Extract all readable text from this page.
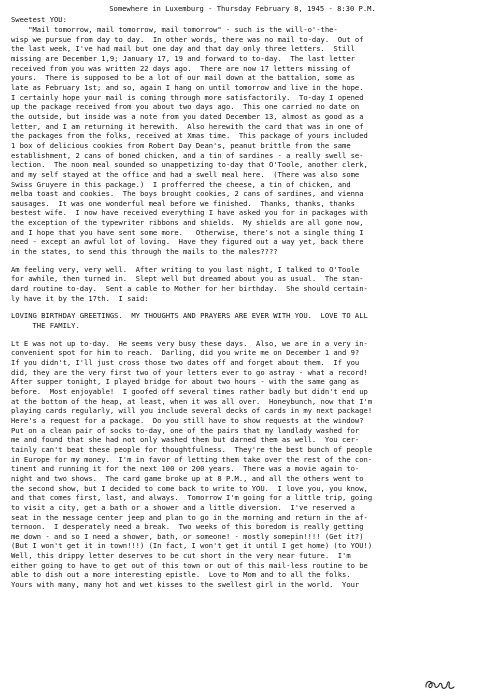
Somewhere in Luxemburg - Thursday February 8, 1945 - 8:30 P.M.
Sweetest YOU:

"Mail tomorrow, mail tomorrow, mail tomorrow" - such is the will-o'-the-

wisp we pursue from day to day.  In other words, there was no mail to-day.  Out of

the last week, I've had mail but one day and that day only three letters.  Still

missing are December 1,9; January 17, 19 and forward to to-day.  The last letter

received from you was written 22 days ago.  There are now 17 letters missing of

yours.  There is supposed to be a lot of our mail down at the battalion, some as

late as February 1st; and so, again I hang on until tomorrow and live in the hope.

I certainly hope your mail is coming through more satisfactorily.  To-day I opened

up the package received from you about two days ago.  This one carried no date on

the outside, but inside was a note from you dated December 13, almost as good as a

letter, and I am returning it herewith.  Also herewith the card that was in one of

the packages from the folks, received at Xmas time.  This package of yours included

1 box of delicious cookies from Robert Day Dean's, peanut brittle from the same

establishment, 2 cans of boned chicken, and a tin of sardines - a really swell se-

lection.  The noon meal sounded so unappetizing to-day that O'Toole, another clerk,

and my self stayed at the office and had a swell meal here.  (There was also some

Swiss Gruyere in this package.)  I profferred the cheese, a tin of chicken, and

melba toast and cookies.  The boys brought cookies, 2 cans of sardines, and vienna

sausages.  It was one wonderful meal before we finished.  Thanks, thanks, thanks

bestest wife.  I now have received everything I have asked you for in packages with

the exception of the typewriter ribbons and shields.  My shields are all gone now,

and I hope that you have sent some more.   Otherwise, there's not a single thing I

need - except an awful lot of loving.  Have they figured out a way yet, back there

in the states, to send this through the mails to the males????

Am feeling very, very well.  After writing to you last night, I talked to O'Toole

for awhile, then turned in.  Slept well but dreamed about you as usual.  The stan-

dard routine to-day.  Sent a cable to Mother for her birthday.  She should certain-

ly have it by the 17th.  I said:

LOVING BIRTHDAY GREETINGS.  MY THOUGHTS AND PRAYERS ARE EVER WITH YOU.  LOVE TO ALL

THE FAMILY.

Lt E was not up to-day.  He seems very busy these days.  Also, we are in a very in-

convenient spot for him to reach.  Darling, did you write me on December 1 and 9?

If you didn't, I'll just cross those two dates off and forget about them.  If you

did, they are the very first two of your letters ever to go astray - what a record!

After supper tonight, I played bridge for about two hours - with the same gang as

before.  Most enjoyable!  I goofed off several times rather badly but didn't end up

at the bottom of the heap, at least, when it was all over.  Honeybunch, now that I'm

playing cards regularly, will you include several decks of cards in my next package!

Here's a request for a package.  Do you still have to show requests at the window?

Put on a clean pair of socks to-day, one of the pairs that my landlady washed for

me and found that she had not only washed them but darned them as well.  You cer-

tainly can't beat these people for thoughtfulness.  They're the best bunch of people

in Europe for my money.  I'm in favor of letting them take over the rest of the con-

tinent and running it for the next 100 or 200 years.  There was a movie again to-

night and two shows.  The card game broke up at 8 P.M., and all the others went to

the second show, but I decided to come back to write to YOU.  I love you, you know,

and that comes first, last, and always.  Tomorrow I'm going for a little trip, going

to visit a city, get a bath or a shower and a little diversion.  I've reserved a

seat in the message center jeep and plan to go in the morning and return in the af-

ternoon.  I desperately need a break.  Two weeks of this boredom is really getting

me down - and so I need a shower, bath, or someone! - mostly somepin!!!! (Get it?)

(But I won't get it in town!!!) (In fact, I won't get it until I get home) (to YOU!)

Well, this drippy letter deserves to be cut short in the very near future.  I'm

either going to have to get out of this town or out of this mail-less routine to be

able to dish out a more interesting epistle.  Love to Mom and to all the folks.

Yours with many, many hot and wet kisses to the swellest girl in the world.  Your
